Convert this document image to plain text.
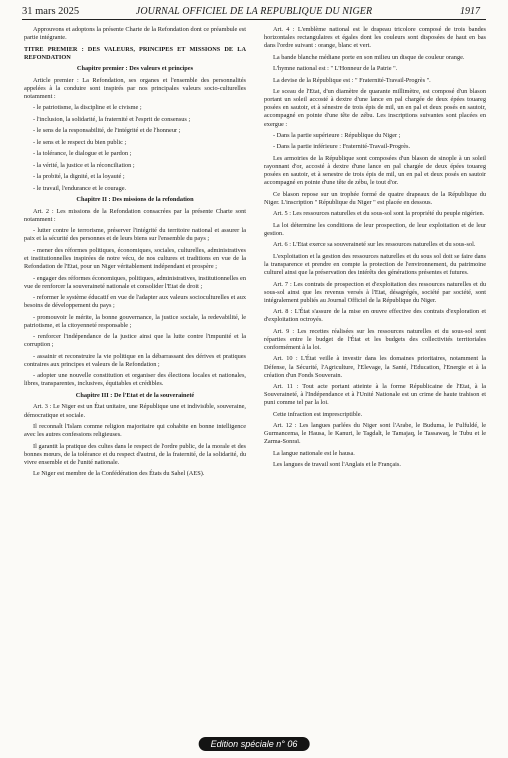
31 mars 2025	JOURNAL OFFICIEL DE LA REPUBLIQUE DU NIGER	1917

Approuvons et adoptons la présente Charte de la Refondation dont ce préambule est partie intégrante.

TITRE PREMIER : DES VALEURS, PRINCIPES ET MISSIONS DE LA REFONDATION

Chapitre premier : Des valeurs et principes

Article premier : La Refondation, ses organes et l'ensemble des personnalités appelées à la conduire sont inspirés par nos principales valeurs socio-culturelles notamment :

- le patriotisme, la discipline et le civisme ;

- l'inclusion, la solidarité, la fraternité et l'esprit de consensus ;

- le sens de la responsabilité, de l'intégrité et de l'honneur ;

- le sens et le respect du bien public ;

- la tolérance, le dialogue et le pardon ;

- la vérité, la justice et la réconciliation ;

- la probité, la dignité, et la loyauté ;

- le travail, l'endurance et le courage.

Chapitre II : Des missions de la refondation

Art. 2 : Les missions de la Refondation consacrées par la présente Charte sont notamment :

- lutter contre le terrorisme, préserver l'intégrité du territoire national et assurer la paix et la sécurité des personnes et de leurs biens sur l'ensemble du pays ;

- mener des réformes politiques, économiques, sociales, culturelles, administratives et institutionnelles inspirées de notre vécu, de nos cultures et traditions en vue de la Refondation de l'Etat, pour un Niger véritablement indépendant et prospère ;

- engager des réformes économiques, politiques, administratives, institutionnelles en vue de renforcer la souveraineté nationale et consolider l'Etat de droit ;

- reformer le système éducatif en vue de l'adapter aux valeurs socioculturelles et aux besoins de développement du pays ;

- promouvoir le mérite, la bonne gouvernance, la justice sociale, la redevabilité, le patriotisme, et la citoyenneté responsable ;

- renforcer l'indépendance de la justice ainsi que la lutte contre l'impunité et la corruption ;

- assainir et reconstruire la vie politique en la débarrassant des dérives et pratiques contraires aux principes et valeurs de la Refondation ;

- adopter une nouvelle constitution et organiser des élections locales et nationales, libres, transparentes, inclusives, équitables et crédibles.

Chapitre III : De l'Etat et de la souveraineté

Art. 3 : Le Niger est un État unitaire, une République une et indivisible, souveraine, démocratique et sociale.

Il reconnaît l'Islam comme religion majoritaire qui cohabite en bonne intelligence avec les autres confessions religieuses.

Il garantit la pratique des cultes dans le respect de l'ordre public, de la morale et des bonnes mœurs, de la tolérance et du respect d'autrui, de la fraternité, de la solidarité, du vivre ensemble et de l'unité nationale.

Le Niger est membre de la Confédération des États du Sahel (AES).

Art. 4 : L'emblème national est le drapeau tricolore composé de trois bandes horizontales rectangulaires et égales dont les couleurs sont disposées de haut en bas dans l'ordre suivant : orange, blanc et vert.

La bande blanche médiane porte en son milieu un disque de couleur orange.

L'hymne national est : " L'Honneur de la Patrie ".

La devise de la République est : " Fraternité-Travail-Progrès ".

Le sceau de l'Etat, d'un diamètre de quarante millimètre, est composé d'un blason portant un soleil accosté à dextre d'une lance en pal chargée de deux épées touareg posées en sautoir, et à sénestre de trois épis de mil, un en pal et deux posés en sautoir, accompagné en pointe d'une tête de zébu. Les inscriptions suivantes sont placées en exergue :

- Dans la partie supérieure : République du Niger ;

- Dans la partie inférieure : Fraternité-Travail-Progrès.

Les armoiries de la République sont composées d'un blason de sinople à un soleil rayonnant d'or, accosté à dextre d'une lance en pal chargée de deux épées touareg posées en sautoir, et à senestre de trois épis de mil, un en pal et deux posés en sautoir accompagné en pointe d'une tête de zébu, le tout d'or.

Ce blason repose sur un trophée formé de quatre drapeaux de la République du Niger. L'inscription " République du Niger " est placée en dessous.

Art. 5 : Les ressources naturelles et du sous-sol sont la propriété du peuple nigérien.

La loi détermine les conditions de leur prospection, de leur exploitation et de leur gestion.

Art. 6 : L'Etat exerce sa souveraineté sur les ressources naturelles et du sous-sol.

L'exploitation et la gestion des ressources naturelles et du sous sol doit se faire dans la transparence et prendre en compte la protection de l'environnement, du patrimoine culturel ainsi que la préservation des intérêts des générations présentes et futures.

Art. 7 : Les contrats de prospection et d'exploitation des ressources naturelles et du sous-sol ainsi que les revenus versés à l'Etat, désagrégés, société par société, sont intégralement publiés au Journal Officiel de la République du Niger.

Art. 8 : L'État s'assure de la mise en œuvre effective des contrats d'exploration et d'exploitation octroyés.

Art. 9 : Les recettes réalisées sur les ressources naturelles et du sous-sol sont réparties entre le budget de l'État et les budgets des collectivités territoriales conformément à la loi.

Art. 10 : L'État veille à investir dans les domaines prioritaires, notamment la Défense, la Sécurité, l'Agriculture, l'Elevage, la Santé, l'Education, l'Energie et à la création d'un Fonds Souverain.

Art. 11 : Tout acte portant atteinte à la forme Républicaine de l'Etat, à la Souveraineté, à l'Indépendance et à l'Unité Nationale est un crime de haute trahison et puni comme tel par la loi.

Cette infraction est imprescriptible.

Art. 12 : Les langues parlées du Niger sont l'Arabe, le Buduma, le Fulfuldé, le Gurmancema, le Hausa, le Kanuri, le Tagdalt, le Tamajaq, le Tassawaq, le Tubu et le Zarma-Sonraï.

La langue nationale est le hausa.

Les langues de travail sont l'Anglais et le Français.

Edition spéciale n° 06
